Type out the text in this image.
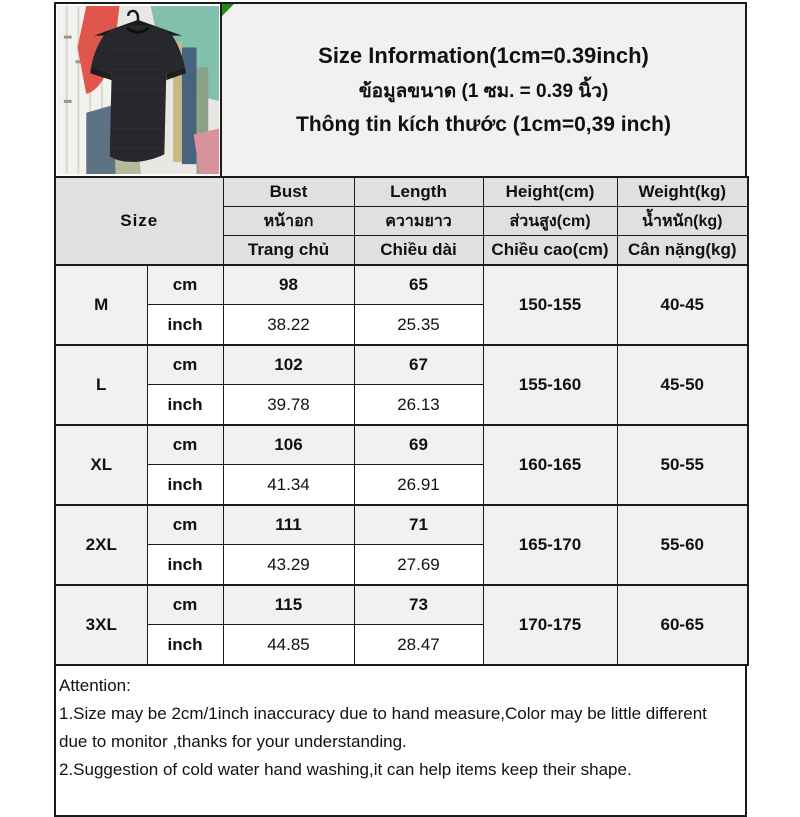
Size Information(1cm=0.39inch)
ข้อมูลขนาด (1 ซม. = 0.39 นิ้ว)
Thông tin kích thước (1cm=0,39 inch)
Size		Bust	Length	Height(cm)	Weight(kg)
		หน้าอก	ความยาว	ส่วนสูง(cm)	น้ำหนัก(kg)
		Trang chủ	Chiều dài	Chiều cao(cm)	Cân nặng(kg)
M	cm	98	65	150-155	40-45
	inch	38.22	25.35		
L	cm	102	67	155-160	45-50
	inch	39.78	26.13		
XL	cm	106	69	160-165	50-55
	inch	41.34	26.91		
2XL	cm	111	71	165-170	55-60
	inch	43.29	27.69		
3XL	cm	115	73	170-175	60-65
	inch	44.85	28.47		
Attention:
1.Size may be 2cm/1inch inaccuracy due to hand measure,Color may be little different
due to monitor ,thanks for your understanding.
2.Suggestion of cold water hand washing,it can help items keep their shape.
